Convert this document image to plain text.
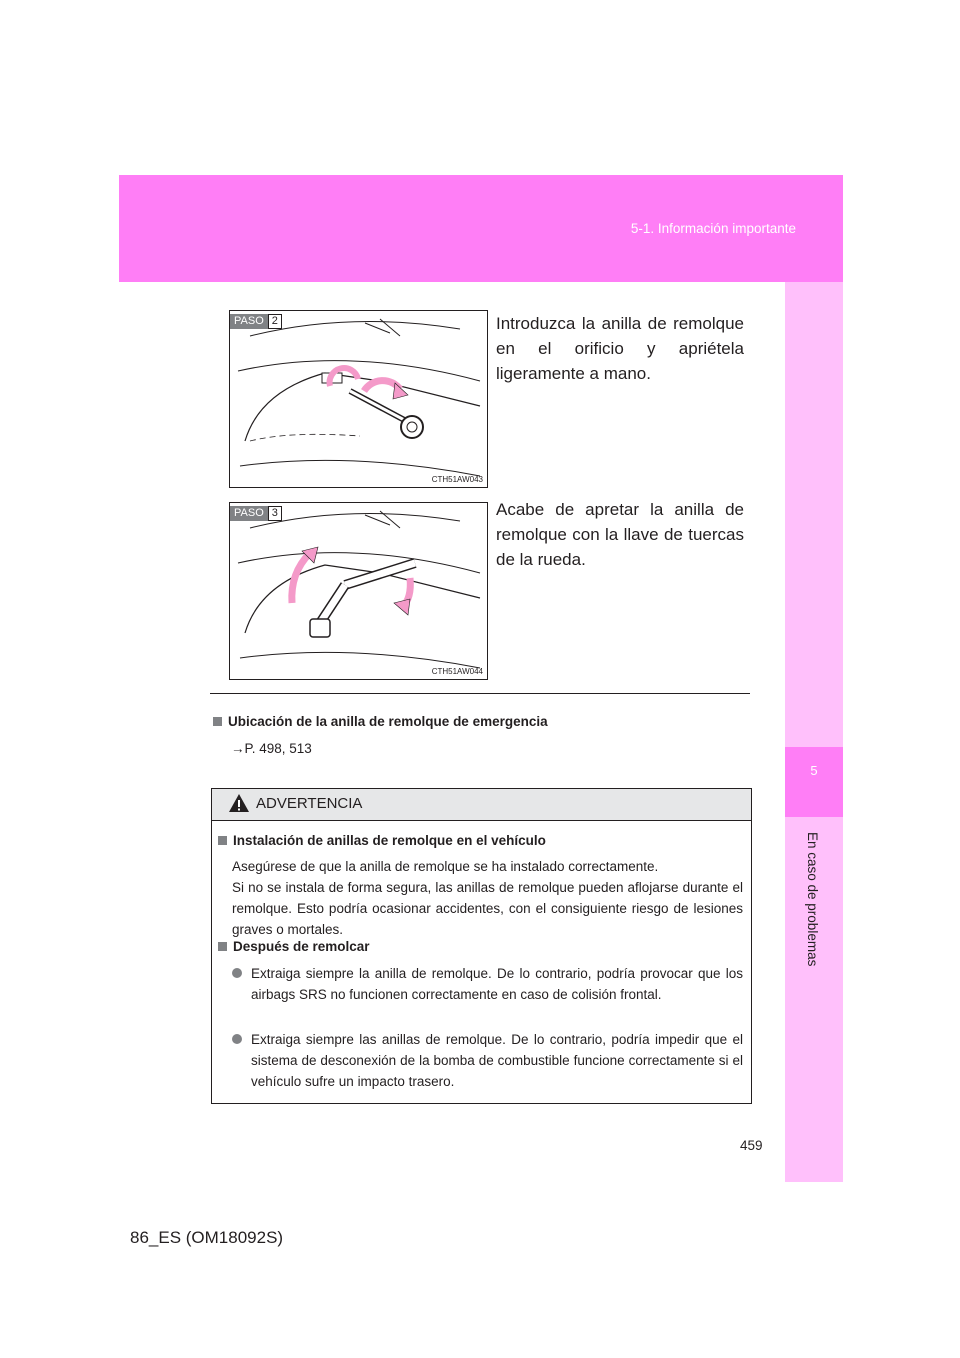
5-1. Información importante
5
En caso de problemas
PASO 2
CTH51AW043
Introduzca la anilla de remolque en el orificio y apriétela ligeramente a mano.
PASO 3
CTH51AW044
Acabe de apretar la anilla de remolque con la llave de tuercas de la rueda.
Ubicación de la anilla de remolque de emergencia
→P. 498, 513
ADVERTENCIA
Instalación de anillas de remolque en el vehículo
Asegúrese de que la anilla de remolque se ha instalado correctamente.
Si no se instala de forma segura, las anillas de remolque pueden aflojarse durante el remolque. Esto podría ocasionar accidentes, con el consiguiente riesgo de lesiones graves o mortales.
Después de remolcar
Extraiga siempre la anilla de remolque. De lo contrario, podría provocar que los airbags SRS no funcionen correctamente en caso de colisión frontal.
Extraiga siempre las anillas de remolque. De lo contrario, podría impedir que el sistema de desconexión de la bomba de combustible funcione correctamente si el vehículo sufre un impacto trasero.
459
86_ES (OM18092S)
